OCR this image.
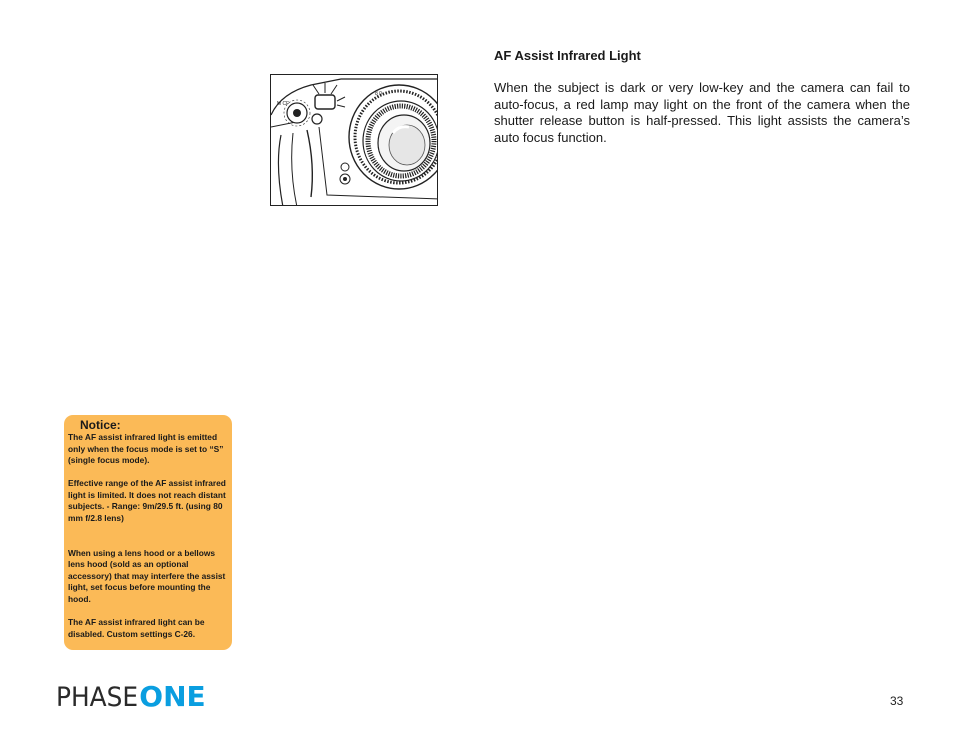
M CF
8 0
AF Assist Infrared Light

When the subject is dark or very low-key and the camera can fail to auto-focus, a red lamp may light on the front of the camera when the shutter release button is half-pressed. This light assists the camera’s auto focus function.

Notice:

The AF assist infrared light is emitted only when the focus mode is set to “S” (single focus mode).

Effective range of the AF assist infrared light is limited. It does not reach distant subjects. - Range: 9m/29.5 ft. (using 80 mm f/2.8 lens)

When using a lens hood or a bellows lens hood (sold as an optional accessory) that may interfere the assist light, set focus before mounting the hood.

The AF assist infrared light can be disabled. Custom settings C-26.

PHASE ONE	33
